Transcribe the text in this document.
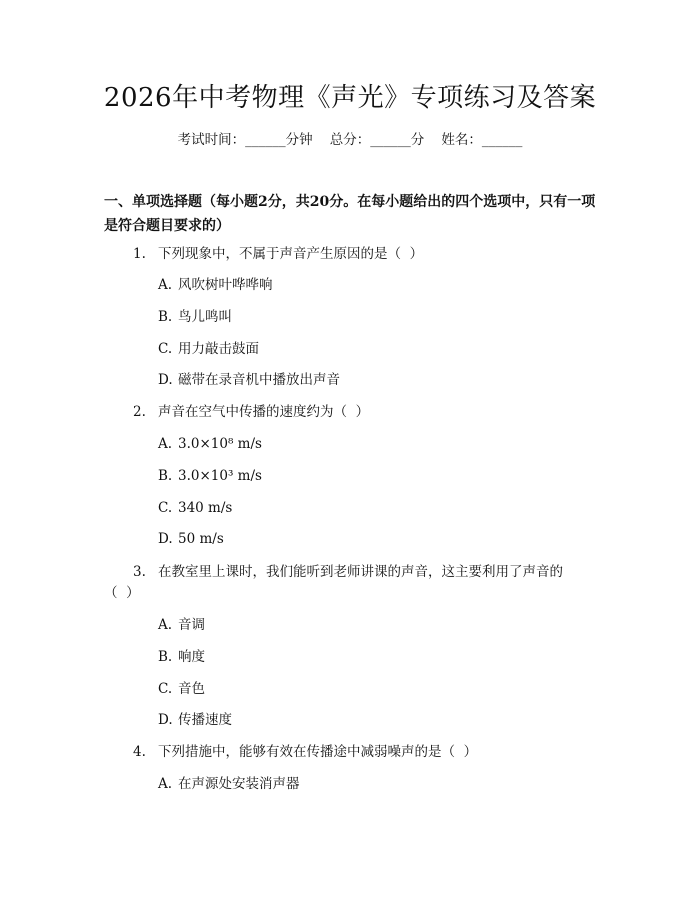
2026年中考物理《声光》专项练习及答案
考试时间：______分钟    总分：______分    姓名：______
一、单项选择题（每小题2分，共20分。在每小题给出的四个选项中，只有一项是符合题目要求的）
1. 下列现象中，不属于声音产生原因的是（  ）
A. 风吹树叶哗哗响
B. 鸟儿鸣叫
C. 用力敲击鼓面
D. 磁带在录音机中播放出声音
2. 声音在空气中传播的速度约为（  ）
A. 3.0×10⁸ m/s
B. 3.0×10³ m/s
C. 340 m/s
D. 50 m/s
3. 在教室里上课时，我们能听到老师讲课的声音，这主要利用了声音的
（  ）
A. 音调
B. 响度
C. 音色
D. 传播速度
4. 下列措施中，能够有效在传播途中减弱噪声的是（  ）
A. 在声源处安装消声器
